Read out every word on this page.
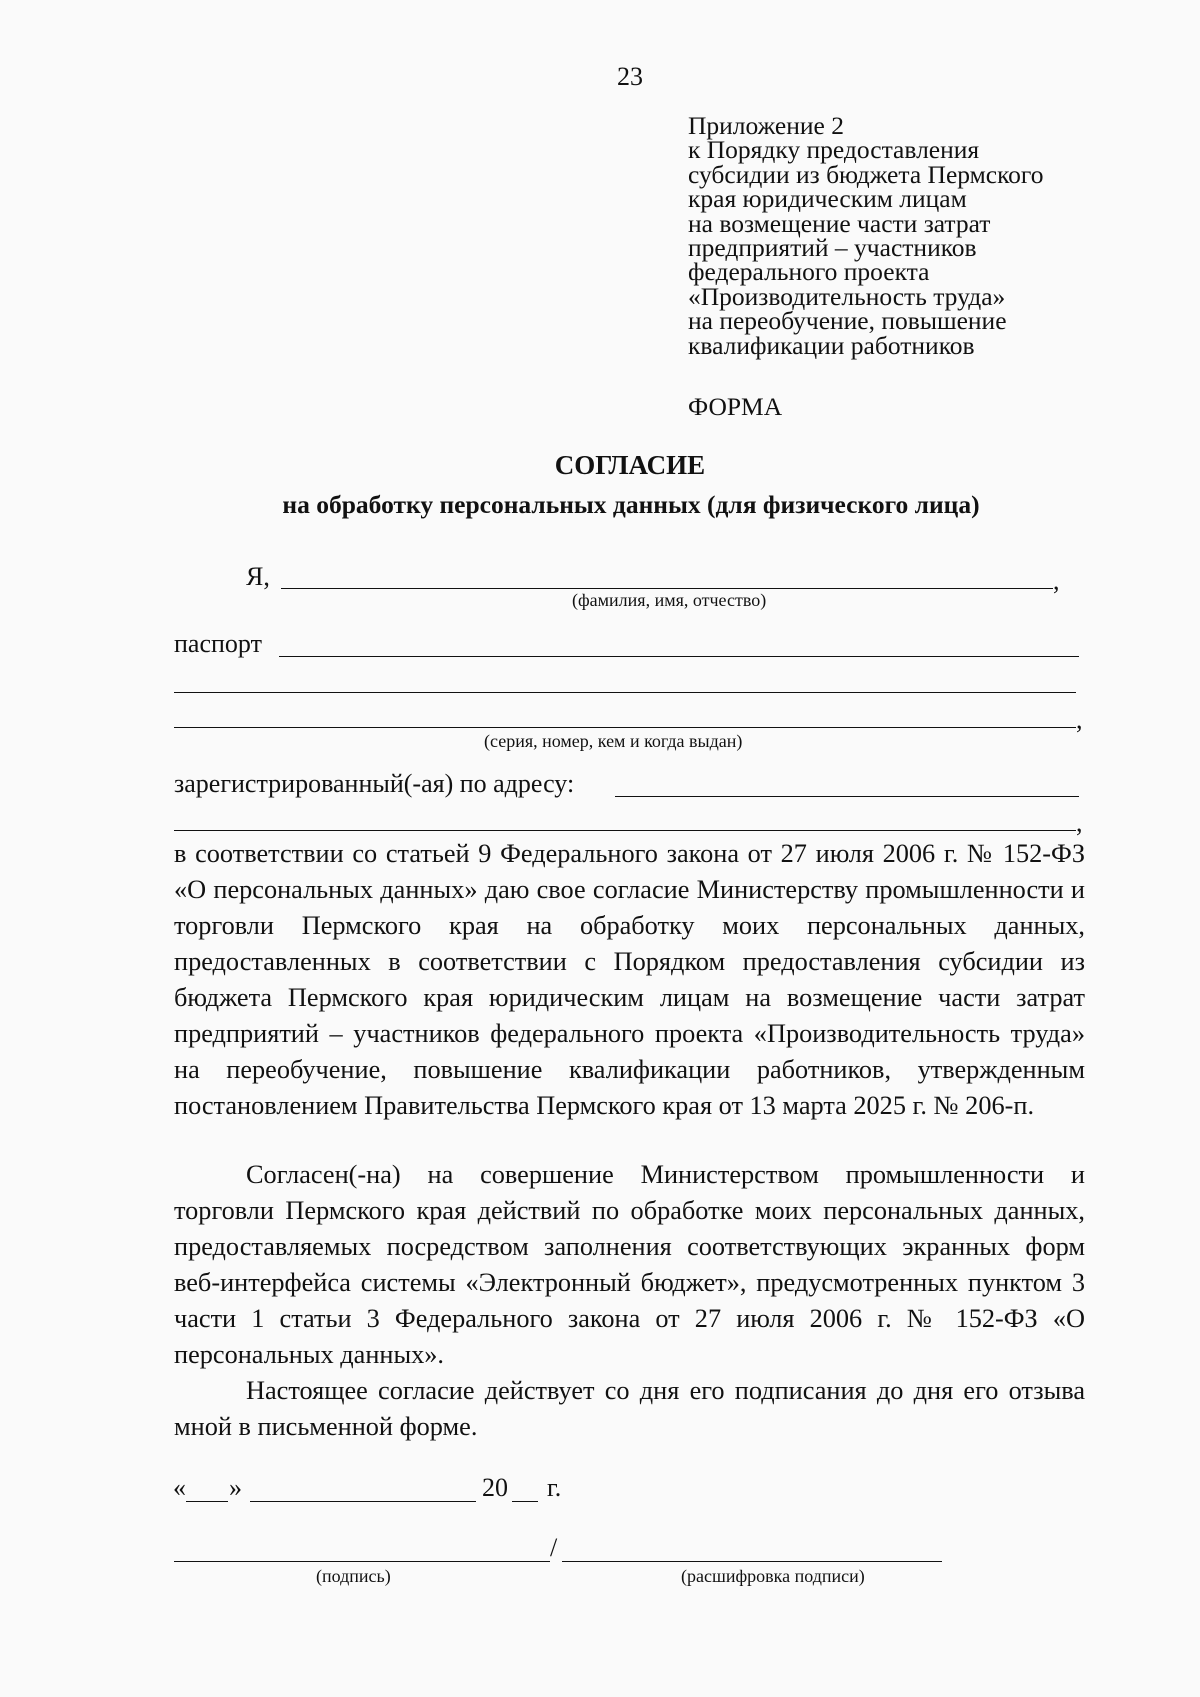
23
Приложение 2
к Порядку предоставления
субсидии из бюджета Пермского
края юридическим лицам
на возмещение части затрат
предприятий – участников
федерального проекта
«Производительность труда»
на переобучение, повышение
квалификации работников
ФОРМА
СОГЛАСИЕ
на обработку персональных данных (для физического лица)
Я,	,
(фамилия, имя, отчество)
паспорт
,
(серия, номер, кем и когда выдан)
зарегистрированный(-ая) по адресу:
,
в соответствии со статьей 9 Федерального закона от 27 июля 2006 г. № 152-ФЗ «О персональных данных» даю свое согласие Министерству промышленности и торговли Пермского края на обработку моих персональных данных, предоставленных в соответствии с Порядком предоставления субсидии из бюджета Пермского края юридическим лицам на возмещение части затрат предприятий – участников федерального проекта «Производительность труда» на переобучение, повышение квалификации работников, утвержденным постановлением Правительства Пермского края от 13 марта 2025 г. № 206-п.
Согласен(-на) на совершение Министерством промышленности и торговли Пермского края действий по обработке моих персональных данных, предоставляемых посредством заполнения соответствующих экранных форм веб-интерфейса системы «Электронный бюджет», предусмотренных пунктом 3 части 1 статьи 3 Федерального закона от 27 июля 2006 г. № 152-ФЗ «О персональных данных».
Настоящее согласие действует со дня его подписания до дня его отзыва мной в письменной форме.
« »	20 г.
/
(подпись)	(расшифровка подписи)
